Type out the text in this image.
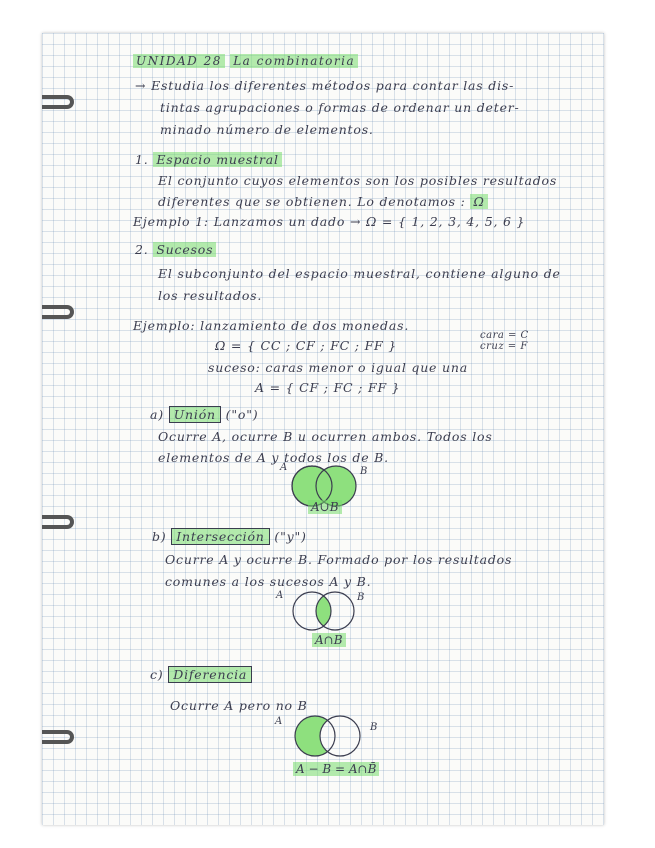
UNIDAD 28 La combinatoria
→ Estudia los diferentes métodos para contar las dis-
tintas agrupaciones o formas de ordenar un deter-
minado número de elementos.
1. Espacio muestral
El conjunto cuyos elementos son los posibles resultados
diferentes que se obtienen. Lo denotamos : Ω
Ejemplo 1: Lanzamos un dado → Ω = { 1, 2, 3, 4, 5, 6 }
2. Sucesos
El subconjunto del espacio muestral, contiene alguno de
los resultados.
Ejemplo: lanzamiento de dos monedas.
Ω = { CC ; CF ; FC ; FF }
cara = C
cruz = F
suceso: caras menor o igual que una
A = { CF ; FC ; FF }
a) Unión ("o")
Ocurre A, ocurre B u ocurren ambos. Todos los
elementos de A y todos los de B.
A	B
A∪B
b) Intersección ("y")
Ocurre A y ocurre B. Formado por los resultados
comunes a los sucesos A y B.
A	B
A∩B
c) Diferencia
Ocurre A pero no B
A
B
A − B = A∩B̄
